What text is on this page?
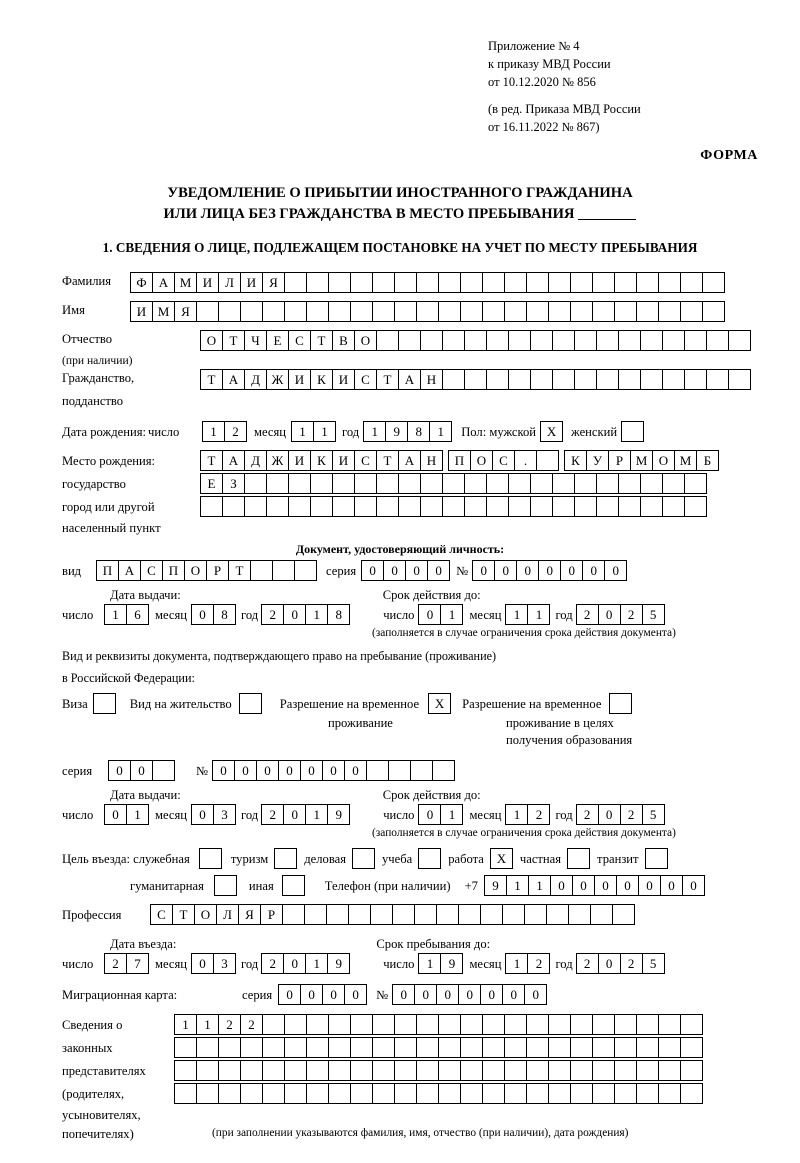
Приложение № 4
к приказу МВД России
от 10.12.2020 № 856
(в ред. Приказа МВД России
от 16.11.2022 № 867)
ФОРМА
УВЕДОМЛЕНИЕ О ПРИБЫТИИ ИНОСТРАННОГО ГРАЖДАНИНА
ИЛИ ЛИЦА БЕЗ ГРАЖДАНСТВА В МЕСТО ПРЕБЫВАНИЯ
1. СВЕДЕНИЯ О ЛИЦЕ, ПОДЛЕЖАЩЕМ ПОСТАНОВКЕ НА УЧЕТ ПО МЕСТУ ПРЕБЫВАНИЯ
Фамилия	Ф А М И Л И Я
Имя	И М Я
Отчество	О	Т	Ч	Е	С	Т	В О
(при наличии)
Гражданство,	Т	А Д Ж И К И С	Т	А Н
подданство
Дата рождения: число	1	2	месяц	1	1	год 1	9	8	1	Пол: мужской X	женский
Место рождения:	Т	А Д Ж И К И С	Т	А Н	П О С	.	К	У	Р М О М Б
государство	Е	З
город или другой
населенный пункт
Документ, удостоверяющий личность:
вид	П А С П О	Р	Т	серия	0	0	0	0	№ 0	0	0	0	0	0	0
Дата выдачи:	Срок действия до:
число	1	6	месяц 0	8	год 2	0	1	8	число 0	1	месяц 1	1	год 2	0	2	5
(заполняется в случае ограничения срока действия документа)
Вид и реквизиты документа, подтверждающего право на пребывание (проживание)
в Российской Федерации:
Виза	Вид на жительство	Разрешение на временное	X	Разрешение на временное
проживание	проживание в целях
получения образования
серия	0	0	№ 0	0	0	0	0	0	0
Дата выдачи:	Срок действия до:
число	0	1	месяц 0	3	год 2	0	1	9	число 0	1	месяц 1	2	год 2	0	2	5
(заполняется в случае ограничения срока действия документа)
Цель въезда: служебная	туризм	деловая	учеба	работа X	частная	транзит
гуманитарная	иная	Телефон (при наличии)	+7	9	1	1	0	0	0	0	0	0	0
Профессия	С	Т	О Л	Я	Р
Дата въезда:	Срок пребывания до:
число	2	7	месяц 0	3	год 2	0	1	9	число 1	9	месяц 1	2	год 2	0	2	5
Миграционная карта:	серия	0	0	0	0	№ 0	0	0	0	0	0	0
Сведения о	1	1	2	2
законных
представителях
(родителях,
усыновителях,
попечителях)	(при заполнении указываются фамилия, имя, отчество (при наличии), дата рождения)
